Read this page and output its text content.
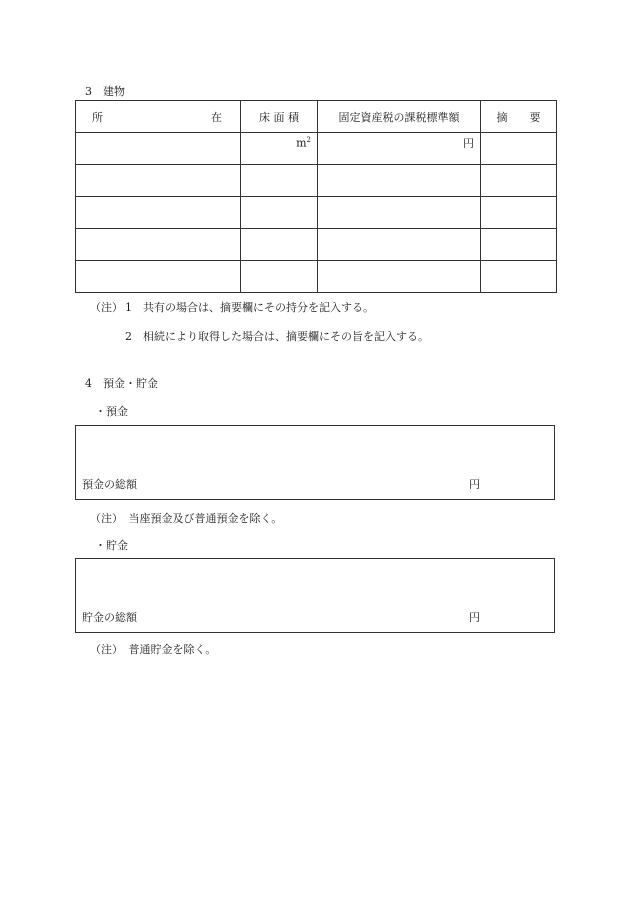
3　建物
所 在	床 面 積	固定資産税の課税標準額	摘　　要

	$m^2$	円	

（注） 1　共有の場合は、摘要欄にその持分を記入する。
2　相続により取得した場合は、摘要欄にその旨を記入する。
4　預金・貯金
・預金
預金の総額	円
（注）　当座預金及び普通預金を除く。
・貯金
貯金の総額	円
（注）　普通貯金を除く。
